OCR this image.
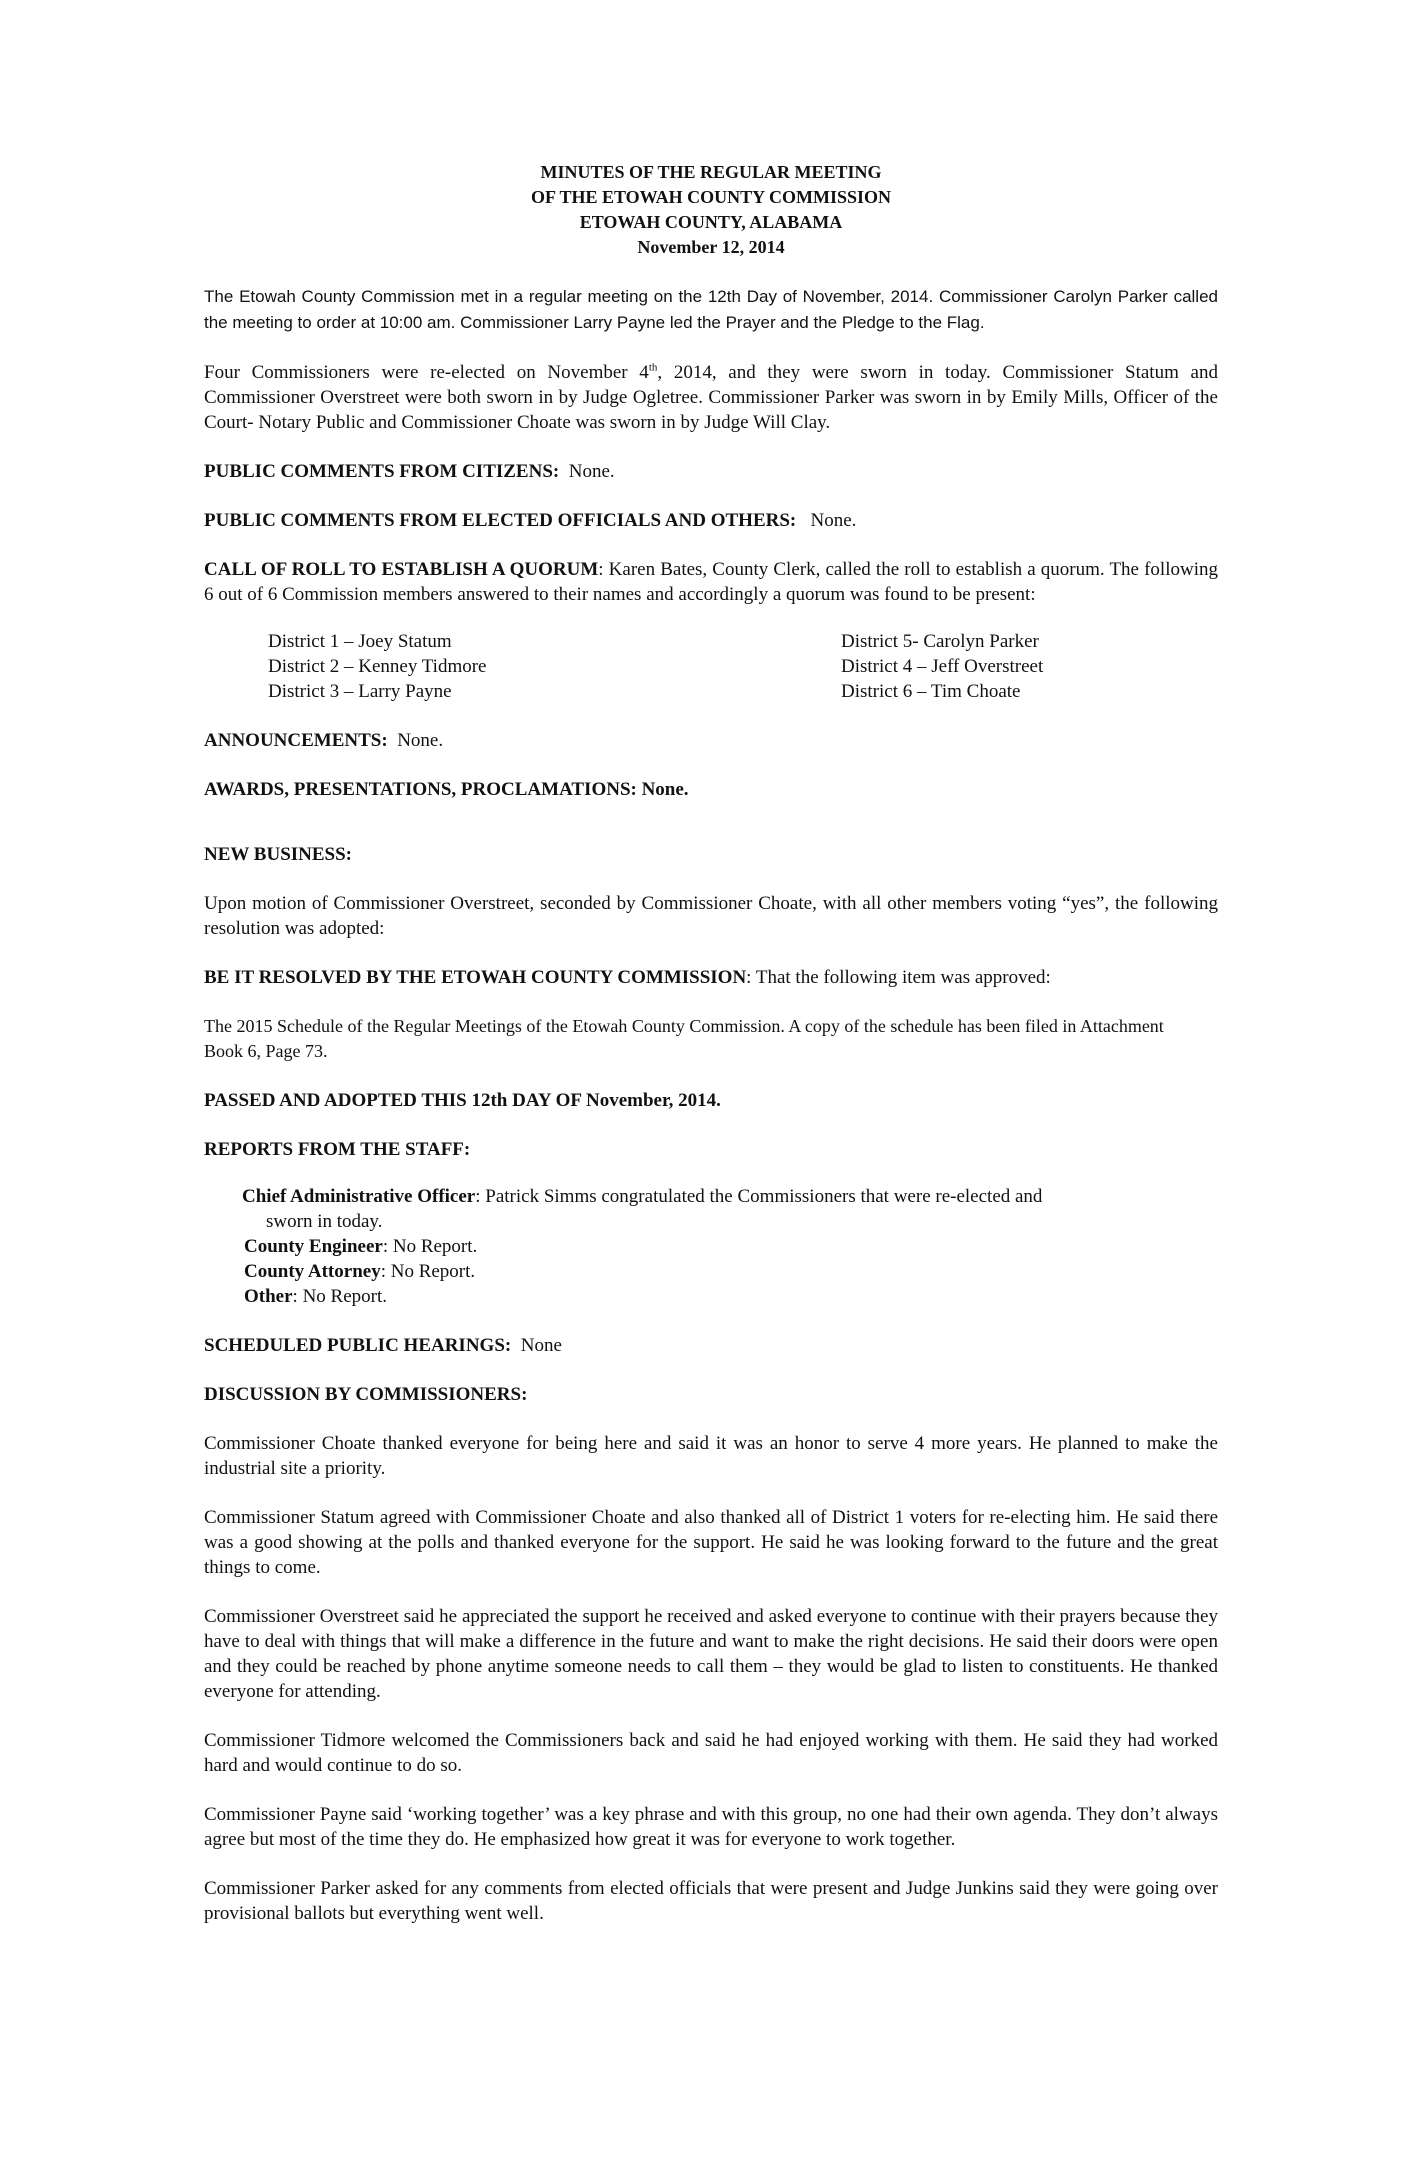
MINUTES OF THE REGULAR MEETING
OF THE ETOWAH COUNTY COMMISSION
ETOWAH COUNTY, ALABAMA
November 12, 2014

The Etowah County Commission met in a regular meeting on the 12th Day of November, 2014. Commissioner Carolyn Parker called the meeting to order at 10:00 am. Commissioner Larry Payne led the Prayer and the Pledge to the Flag.

Four Commissioners were re-elected on November 4th, 2014, and they were sworn in today. Commissioner Statum and Commissioner Overstreet were both sworn in by Judge Ogletree. Commissioner Parker was sworn in by Emily Mills, Officer of the Court- Notary Public and Commissioner Choate was sworn in by Judge Will Clay.

PUBLIC COMMENTS FROM CITIZENS: None.

PUBLIC COMMENTS FROM ELECTED OFFICIALS AND OTHERS: None.

CALL OF ROLL TO ESTABLISH A QUORUM: Karen Bates, County Clerk, called the roll to establish a quorum. The following 6 out of 6 Commission members answered to their names and accordingly a quorum was found to be present:

District 1 – Joey Statum
District 2 – Kenney Tidmore
District 3 – Larry Payne
District 5- Carolyn Parker
District 4 – Jeff Overstreet
District 6 – Tim Choate

ANNOUNCEMENTS: None.

AWARDS, PRESENTATIONS, PROCLAMATIONS: None.

NEW BUSINESS:

Upon motion of Commissioner Overstreet, seconded by Commissioner Choate, with all other members voting “yes”, the following resolution was adopted:

BE IT RESOLVED BY THE ETOWAH COUNTY COMMISSION: That the following item was approved:

The 2015 Schedule of the Regular Meetings of the Etowah County Commission. A copy of the schedule has been filed in Attachment Book 6, Page 73.

PASSED AND ADOPTED THIS 12th DAY OF November, 2014.

REPORTS FROM THE STAFF:

Chief Administrative Officer: Patrick Simms congratulated the Commissioners that were re-elected and
sworn in today.
County Engineer: No Report.
County Attorney: No Report.
Other: No Report.

SCHEDULED PUBLIC HEARINGS: None

DISCUSSION BY COMMISSIONERS:

Commissioner Choate thanked everyone for being here and said it was an honor to serve 4 more years. He planned to make the industrial site a priority.

Commissioner Statum agreed with Commissioner Choate and also thanked all of District 1 voters for re-electing him. He said there was a good showing at the polls and thanked everyone for the support. He said he was looking forward to the future and the great things to come.

Commissioner Overstreet said he appreciated the support he received and asked everyone to continue with their prayers because they have to deal with things that will make a difference in the future and want to make the right decisions. He said their doors were open and they could be reached by phone anytime someone needs to call them – they would be glad to listen to constituents. He thanked everyone for attending.

Commissioner Tidmore welcomed the Commissioners back and said he had enjoyed working with them. He said they had worked hard and would continue to do so.

Commissioner Payne said ‘working together’ was a key phrase and with this group, no one had their own agenda. They don’t always agree but most of the time they do. He emphasized how great it was for everyone to work together.

Commissioner Parker asked for any comments from elected officials that were present and Judge Junkins said they were going over provisional ballots but everything went well.
